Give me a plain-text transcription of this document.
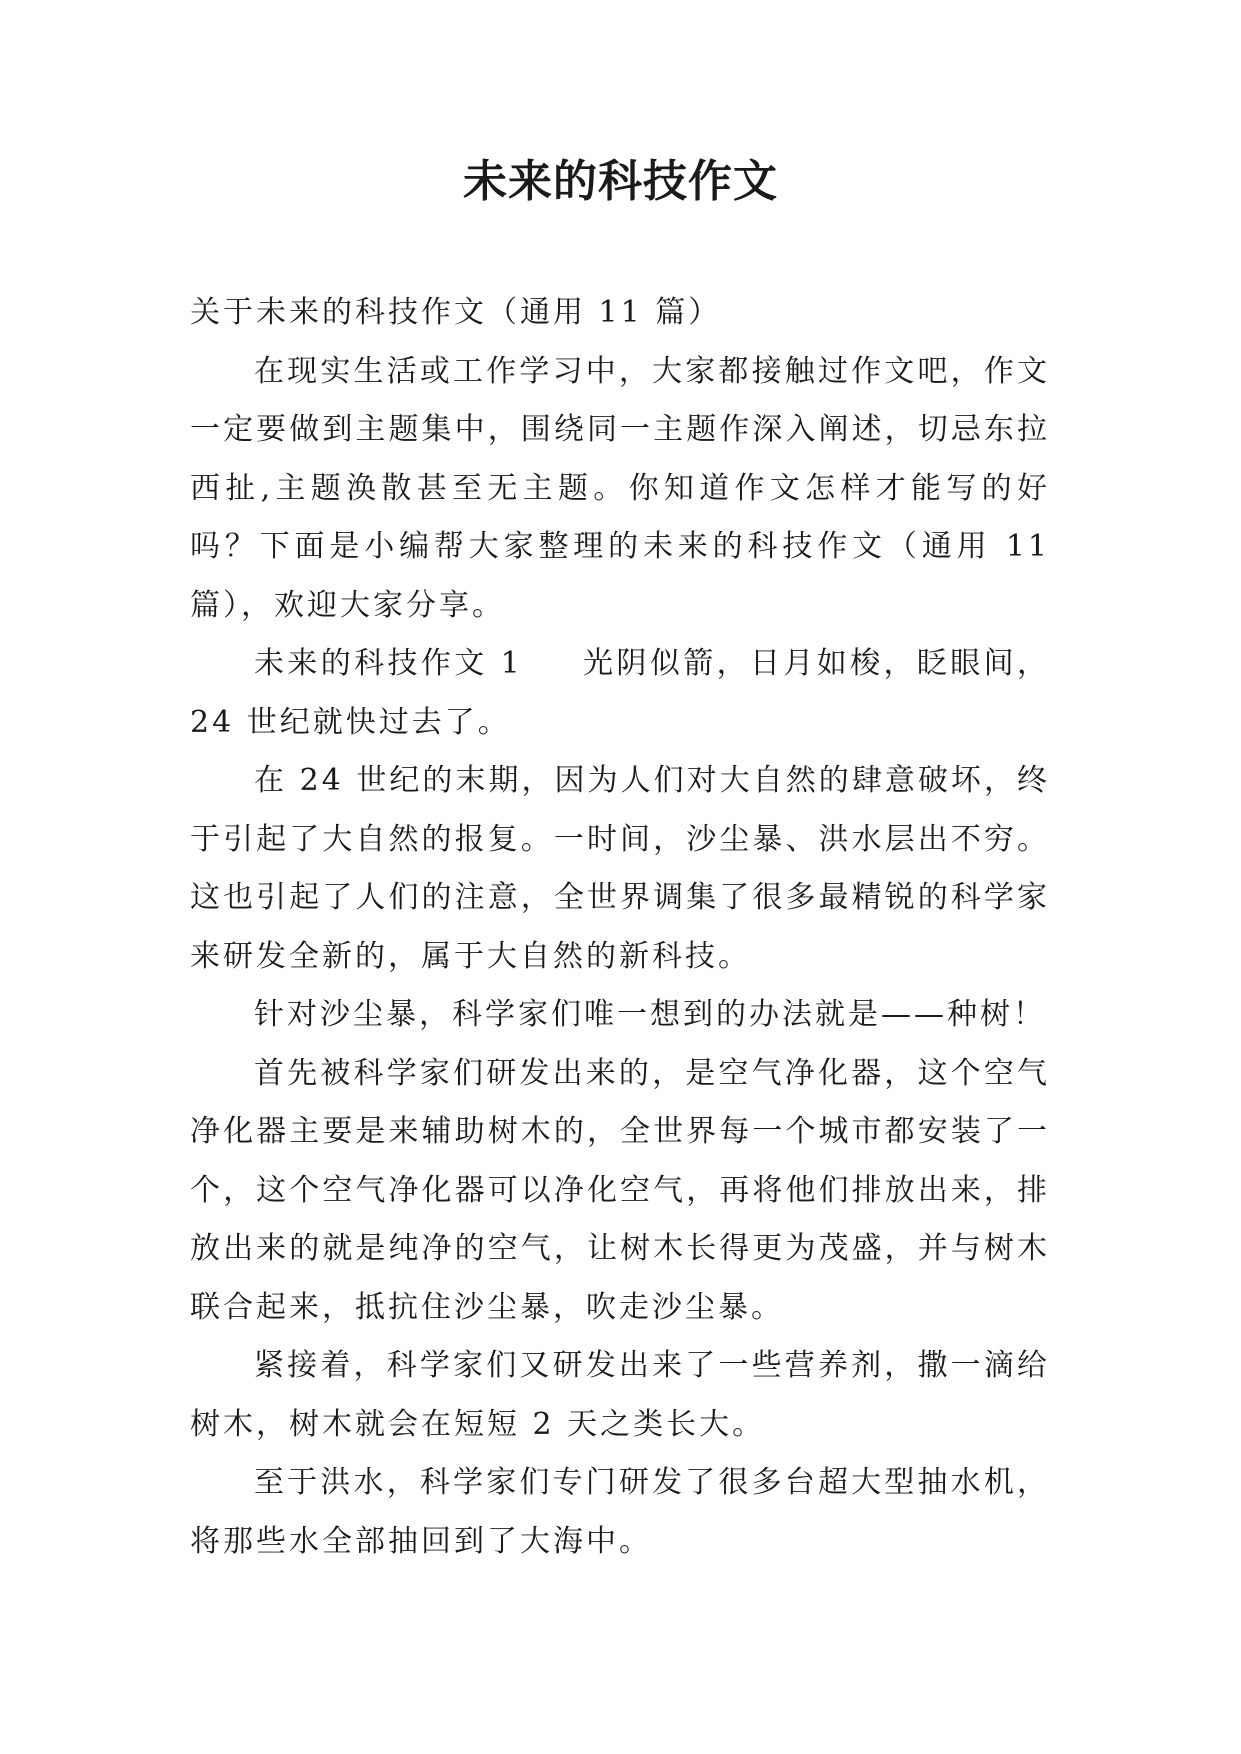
未来的科技作文

关于未来的科技作文（通用 11 篇）

在现实生活或工作学习中，大家都接触过作文吧，作文一定要做到主题集中，围绕同一主题作深入阐述，切忌东拉西扯,主题涣散甚至无主题。你知道作文怎样才能写的好吗？下面是小编帮大家整理的未来的科技作文（通用 11 篇），欢迎大家分享。

未来的科技作文 1 光阴似箭，日月如梭，眨眼间，24 世纪就快过去了。

在 24 世纪的末期，因为人们对大自然的肆意破坏，终于引起了大自然的报复。一时间，沙尘暴、洪水层出不穷。这也引起了人们的注意，全世界调集了很多最精锐的科学家来研发全新的，属于大自然的新科技。

针对沙尘暴，科学家们唯一想到的办法就是——种树！

首先被科学家们研发出来的，是空气净化器，这个空气净化器主要是来辅助树木的，全世界每一个城市都安装了一个，这个空气净化器可以净化空气，再将他们排放出来，排放出来的就是纯净的空气，让树木长得更为茂盛，并与树木联合起来，抵抗住沙尘暴，吹走沙尘暴。

紧接着，科学家们又研发出来了一些营养剂，撒一滴给树木，树木就会在短短 2 天之类长大。

至于洪水，科学家们专门研发了很多台超大型抽水机，将那些水全部抽回到了大海中。
